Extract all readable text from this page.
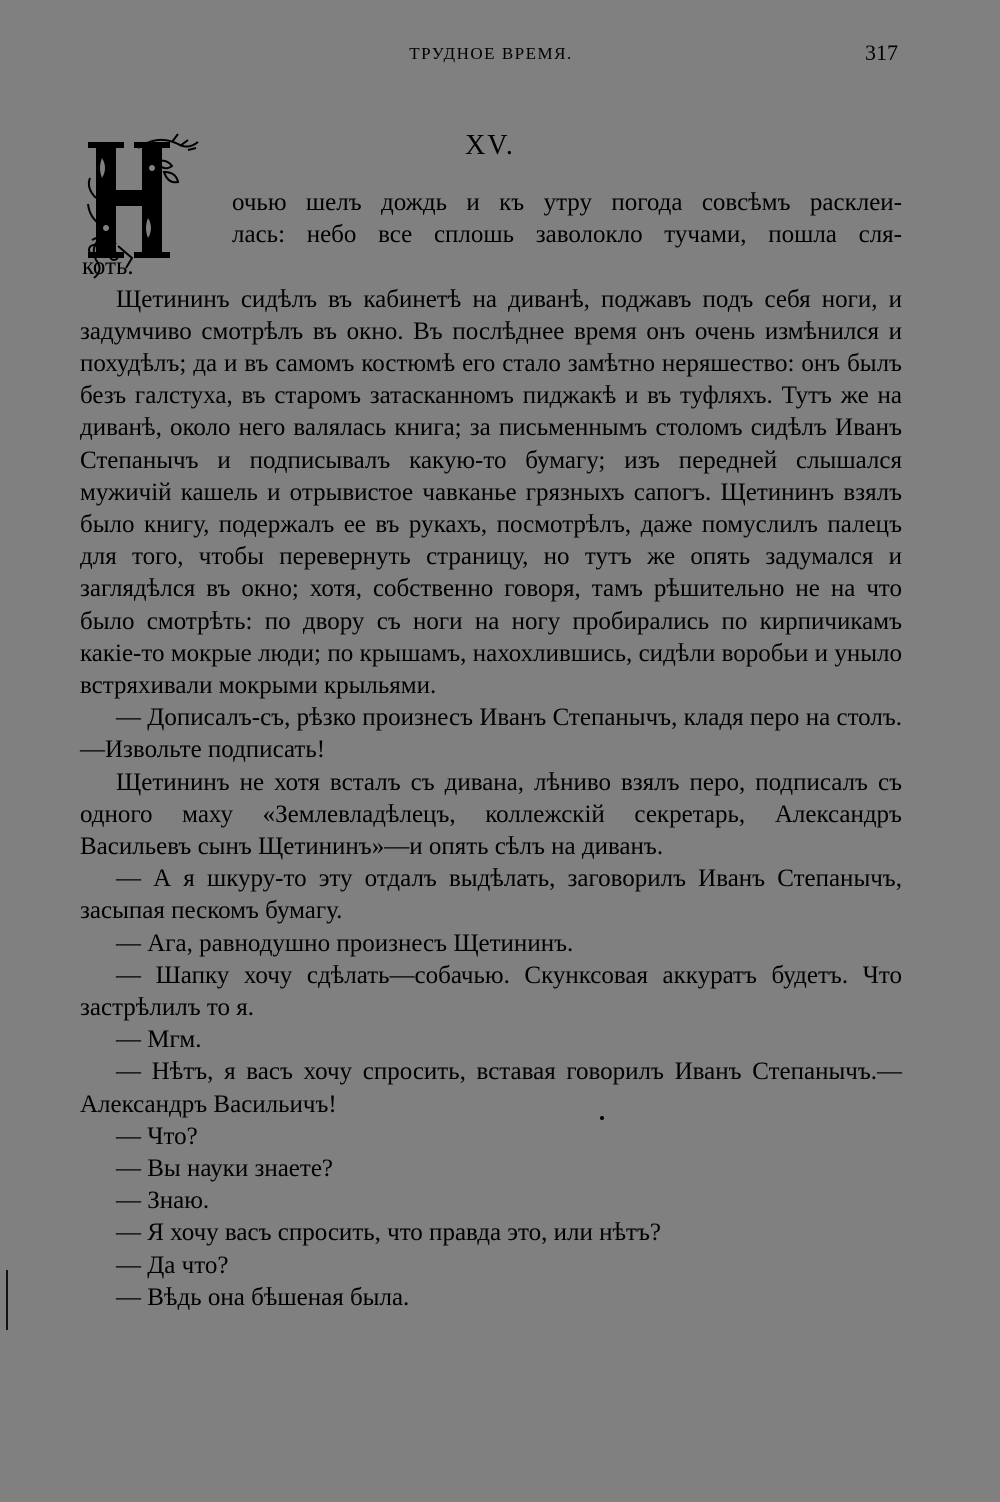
ТРУДНОЕ ВРЕМЯ.	317
XV.
очью шелъ дождь и къ утру погода совсѣмъ расклеи-
лась: небо все сплошь заволокло тучами, пошла сля-
коть.

Щетининъ сидѣлъ въ кабинетѣ на диванѣ, поджавъ подъ себя ноги, и задумчиво смотрѣлъ въ окно. Въ послѣднее время онъ очень измѣнился и похудѣлъ; да и въ самомъ костюмѣ его стало замѣтно неряшество: онъ былъ безъ галстуха, въ старомъ затасканномъ пиджакѣ и въ туфляхъ. Тутъ же на диванѣ, около него валялась книга; за письменнымъ столомъ сидѣлъ Иванъ Степанычъ и подписывалъ какую-то бумагу; изъ передней слышался мужичій кашель и отрывистое чавканье грязныхъ сапогъ. Щетининъ взялъ было книгу, подержалъ ее въ рукахъ, посмотрѣлъ, даже помуслилъ палецъ для того, чтобы перевернуть страницу, но тутъ же опять задумался и заглядѣлся въ окно; хотя, собственно говоря, тамъ рѣшительно не на что было смотрѣть: по двору съ ноги на ногу пробирались по кирпичикамъ какіе-то мокрые люди; по крышамъ, нахохлившись, сидѣли воробьи и уныло встряхивали мокрыми крыльями.

— Дописалъ-съ, рѣзко произнесъ Иванъ Степанычъ, кладя перо на столъ.—Извольте подписать!

Щетининъ не хотя всталъ съ дивана, лѣниво взялъ перо, подписалъ съ одного маху «Землевладѣлецъ, коллежскій секретарь, Александръ Васильевъ сынъ Щетининъ»—и опять сѣлъ на диванъ.

— А я шкуру-то эту отдалъ выдѣлать, заговорилъ Иванъ Степанычъ, засыпая пескомъ бумагу.

— Ага, равнодушно произнесъ Щетининъ.

— Шапку хочу сдѣлать—собачью. Скунксовая аккуратъ будетъ. Что застрѣлилъ то я.

— Мгм.

— Нѣтъ, я васъ хочу спросить, вставая говорилъ Иванъ Степанычъ.—Александръ Васильичъ!

— Что?

— Вы науки знаете?

— Знаю.

— Я хочу васъ спросить, что правда это, или нѣтъ?

— Да что?

— Вѣдь она бѣшеная была.
